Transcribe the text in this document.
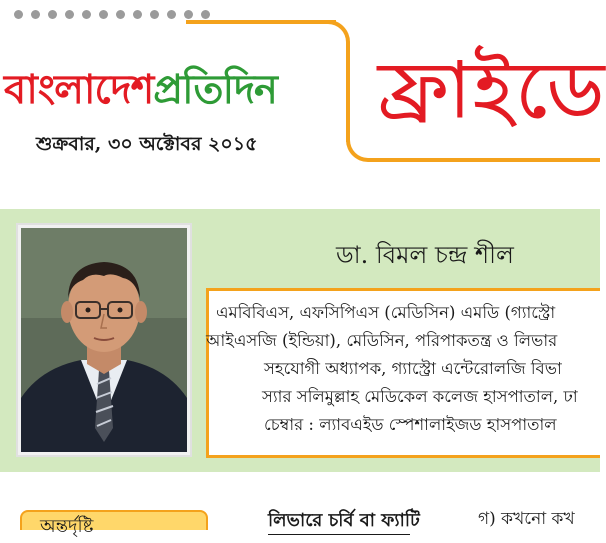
বাংলাদেশপ্রতিদিন
শুক্রবার, ৩০ অক্টোবর ২০১৫
ফ্রাইডে
ডা. বিমল চন্দ্র শীল
এমবিবিএস, এফসিপিএস (মেডিসিন) এমডি (গ্যাস্ট্রো
আইএসজি (ইন্ডিয়া), মেডিসিন, পরিপাকতন্ত্র ও লিভার
সহযোগী অধ্যাপক, গ্যাস্ট্রো এন্টেরোলজি বিভা
স্যার সলিমুল্লাহ মেডিকেল কলেজ হাসপাতাল, ঢা
চেম্বার : ল্যাবএইড স্পেশালাইজড হাসপাতাল
অন্তর্দৃষ্টি	লিভারে চর্বি বা ফ্যাটি	গ) কখনো কখ
